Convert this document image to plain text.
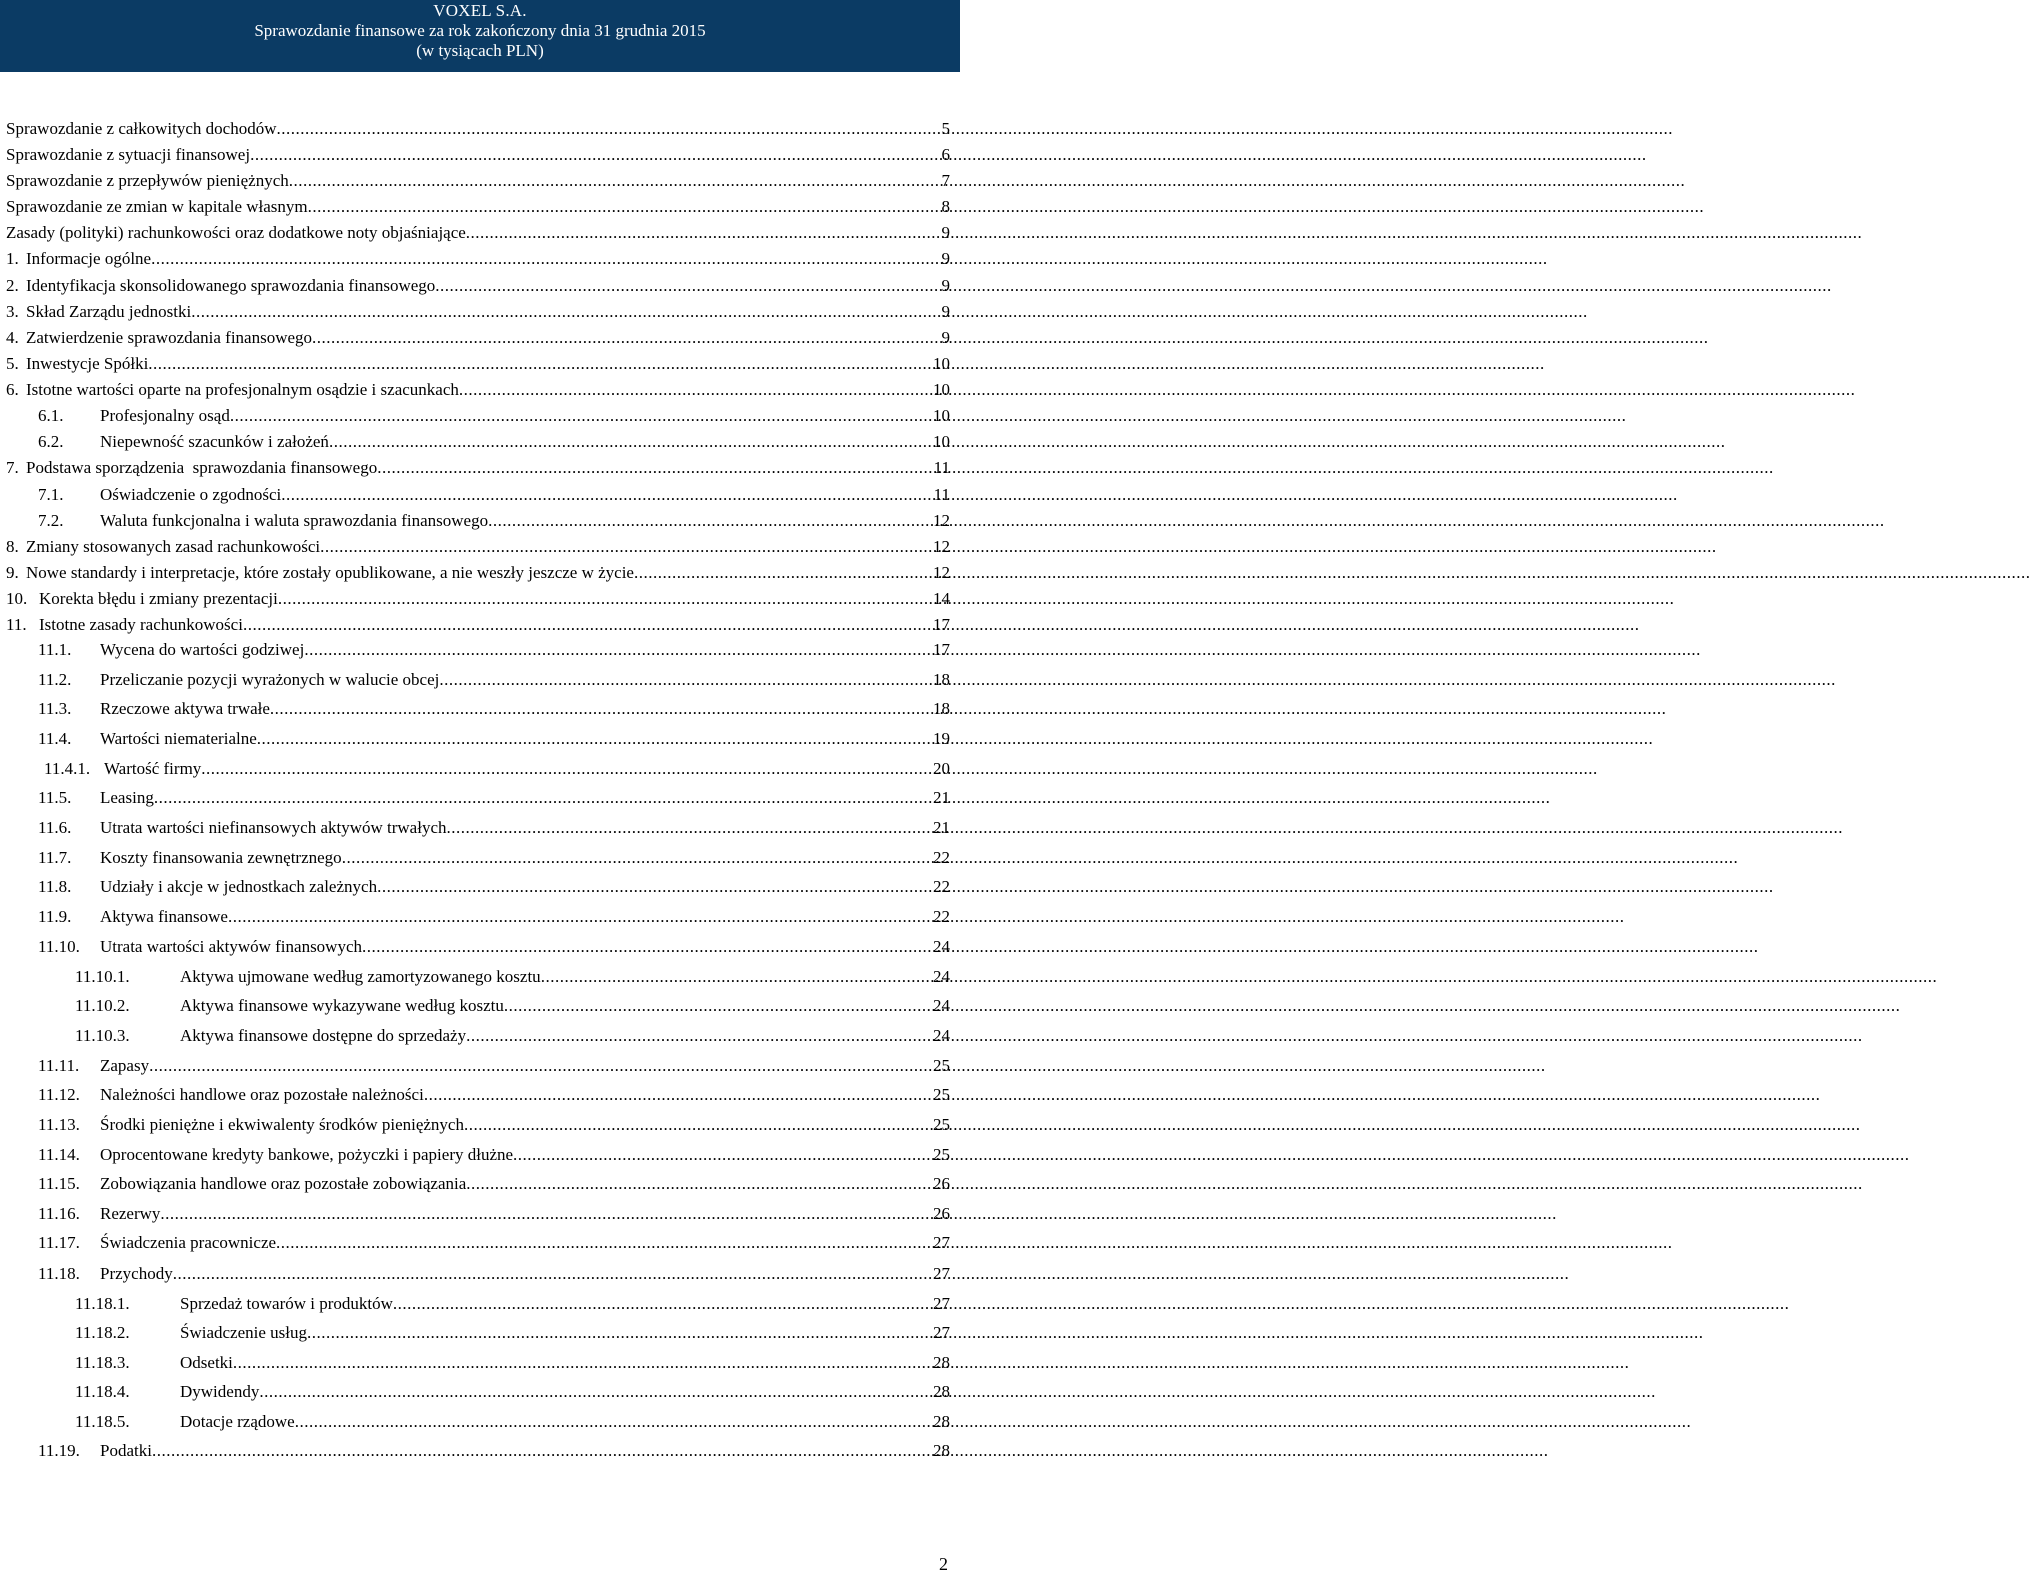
VOXEL S.A.
Sprawozdanie finansowe za rok zakończony dnia 31 grudnia 2015
(w tysiącach PLN)
Sprawozdanie z całkowitych dochodów .....	5
Sprawozdanie z sytuacji finansowej .....	6
Sprawozdanie z przepływów pieniężnych .....	7
Sprawozdanie ze zmian w kapitale własnym .....	8
Zasady (polityki) rachunkowości oraz dodatkowe noty objaśniające .....	9
1. Informacje ogólne .....	9
2. Identyfikacja skonsolidowanego sprawozdania finansowego .....	9
3. Skład Zarządu jednostki .....	9
4. Zatwierdzenie sprawozdania finansowego .....	9
5. Inwestycje Spółki .....	10
6. Istotne wartości oparte na profesjonalnym osądzie i szacunkach .....	10
6.1.	Profesjonalny osąd .....	10
6.2.	Niepewność szacunków i założeń .....	10
7. Podstawa sporządzenia  sprawozdania finansowego .....	11
7.1.	Oświadczenie o zgodności .....	11
7.2.	Waluta funkcjonalna i waluta sprawozdania finansowego .....	12
8. Zmiany stosowanych zasad rachunkowości .....	12
9. Nowe standardy i interpretacje, które zostały opublikowane, a nie weszły jeszcze w życie .....	12
10. Korekta błędu i zmiany prezentacji .....	14
11. Istotne zasady rachunkowości .....	17
11.1.	Wycena do wartości godziwej .....	17
11.2.	Przeliczanie pozycji wyrażonych w walucie obcej .....	18
11.3.	Rzeczowe aktywa trwałe .....	18
11.4.	Wartości niematerialne .....	19
11.4.1. Wartość firmy .....	20
11.5.	Leasing .....	21
11.6.	Utrata wartości niefinansowych aktywów trwałych .....	21
11.7.	Koszty finansowania zewnętrznego .....	22
11.8.	Udziały i akcje w jednostkach zależnych .....	22
11.9.	Aktywa finansowe .....	22
11.10.	Utrata wartości aktywów finansowych .....	24
11.10.1.	Aktywa ujmowane według zamortyzowanego kosztu .....	24
11.10.2.	Aktywa finansowe wykazywane według kosztu .....	24
11.10.3.	Aktywa finansowe dostępne do sprzedaży .....	24
11.11.	Zapasy .....	25
11.12.	Należności handlowe oraz pozostałe należności .....	25
11.13.	Środki pieniężne i ekwiwalenty środków pieniężnych .....	25
11.14.	Oprocentowane kredyty bankowe, pożyczki i papiery dłużne .....	25
11.15.	Zobowiązania handlowe oraz pozostałe zobowiązania .....	26
11.16.	Rezerwy .....	26
11.17.	Świadczenia pracownicze .....	27
11.18.	Przychody .....	27
11.18.1.	Sprzedaż towarów i produktów .....	27
11.18.2.	Świadczenie usług .....	27
11.18.3.	Odsetki .....	28
11.18.4.	Dywidendy .....	28
11.18.5.	Dotacje rządowe .....	28
11.19.	Podatki .....	28
2
